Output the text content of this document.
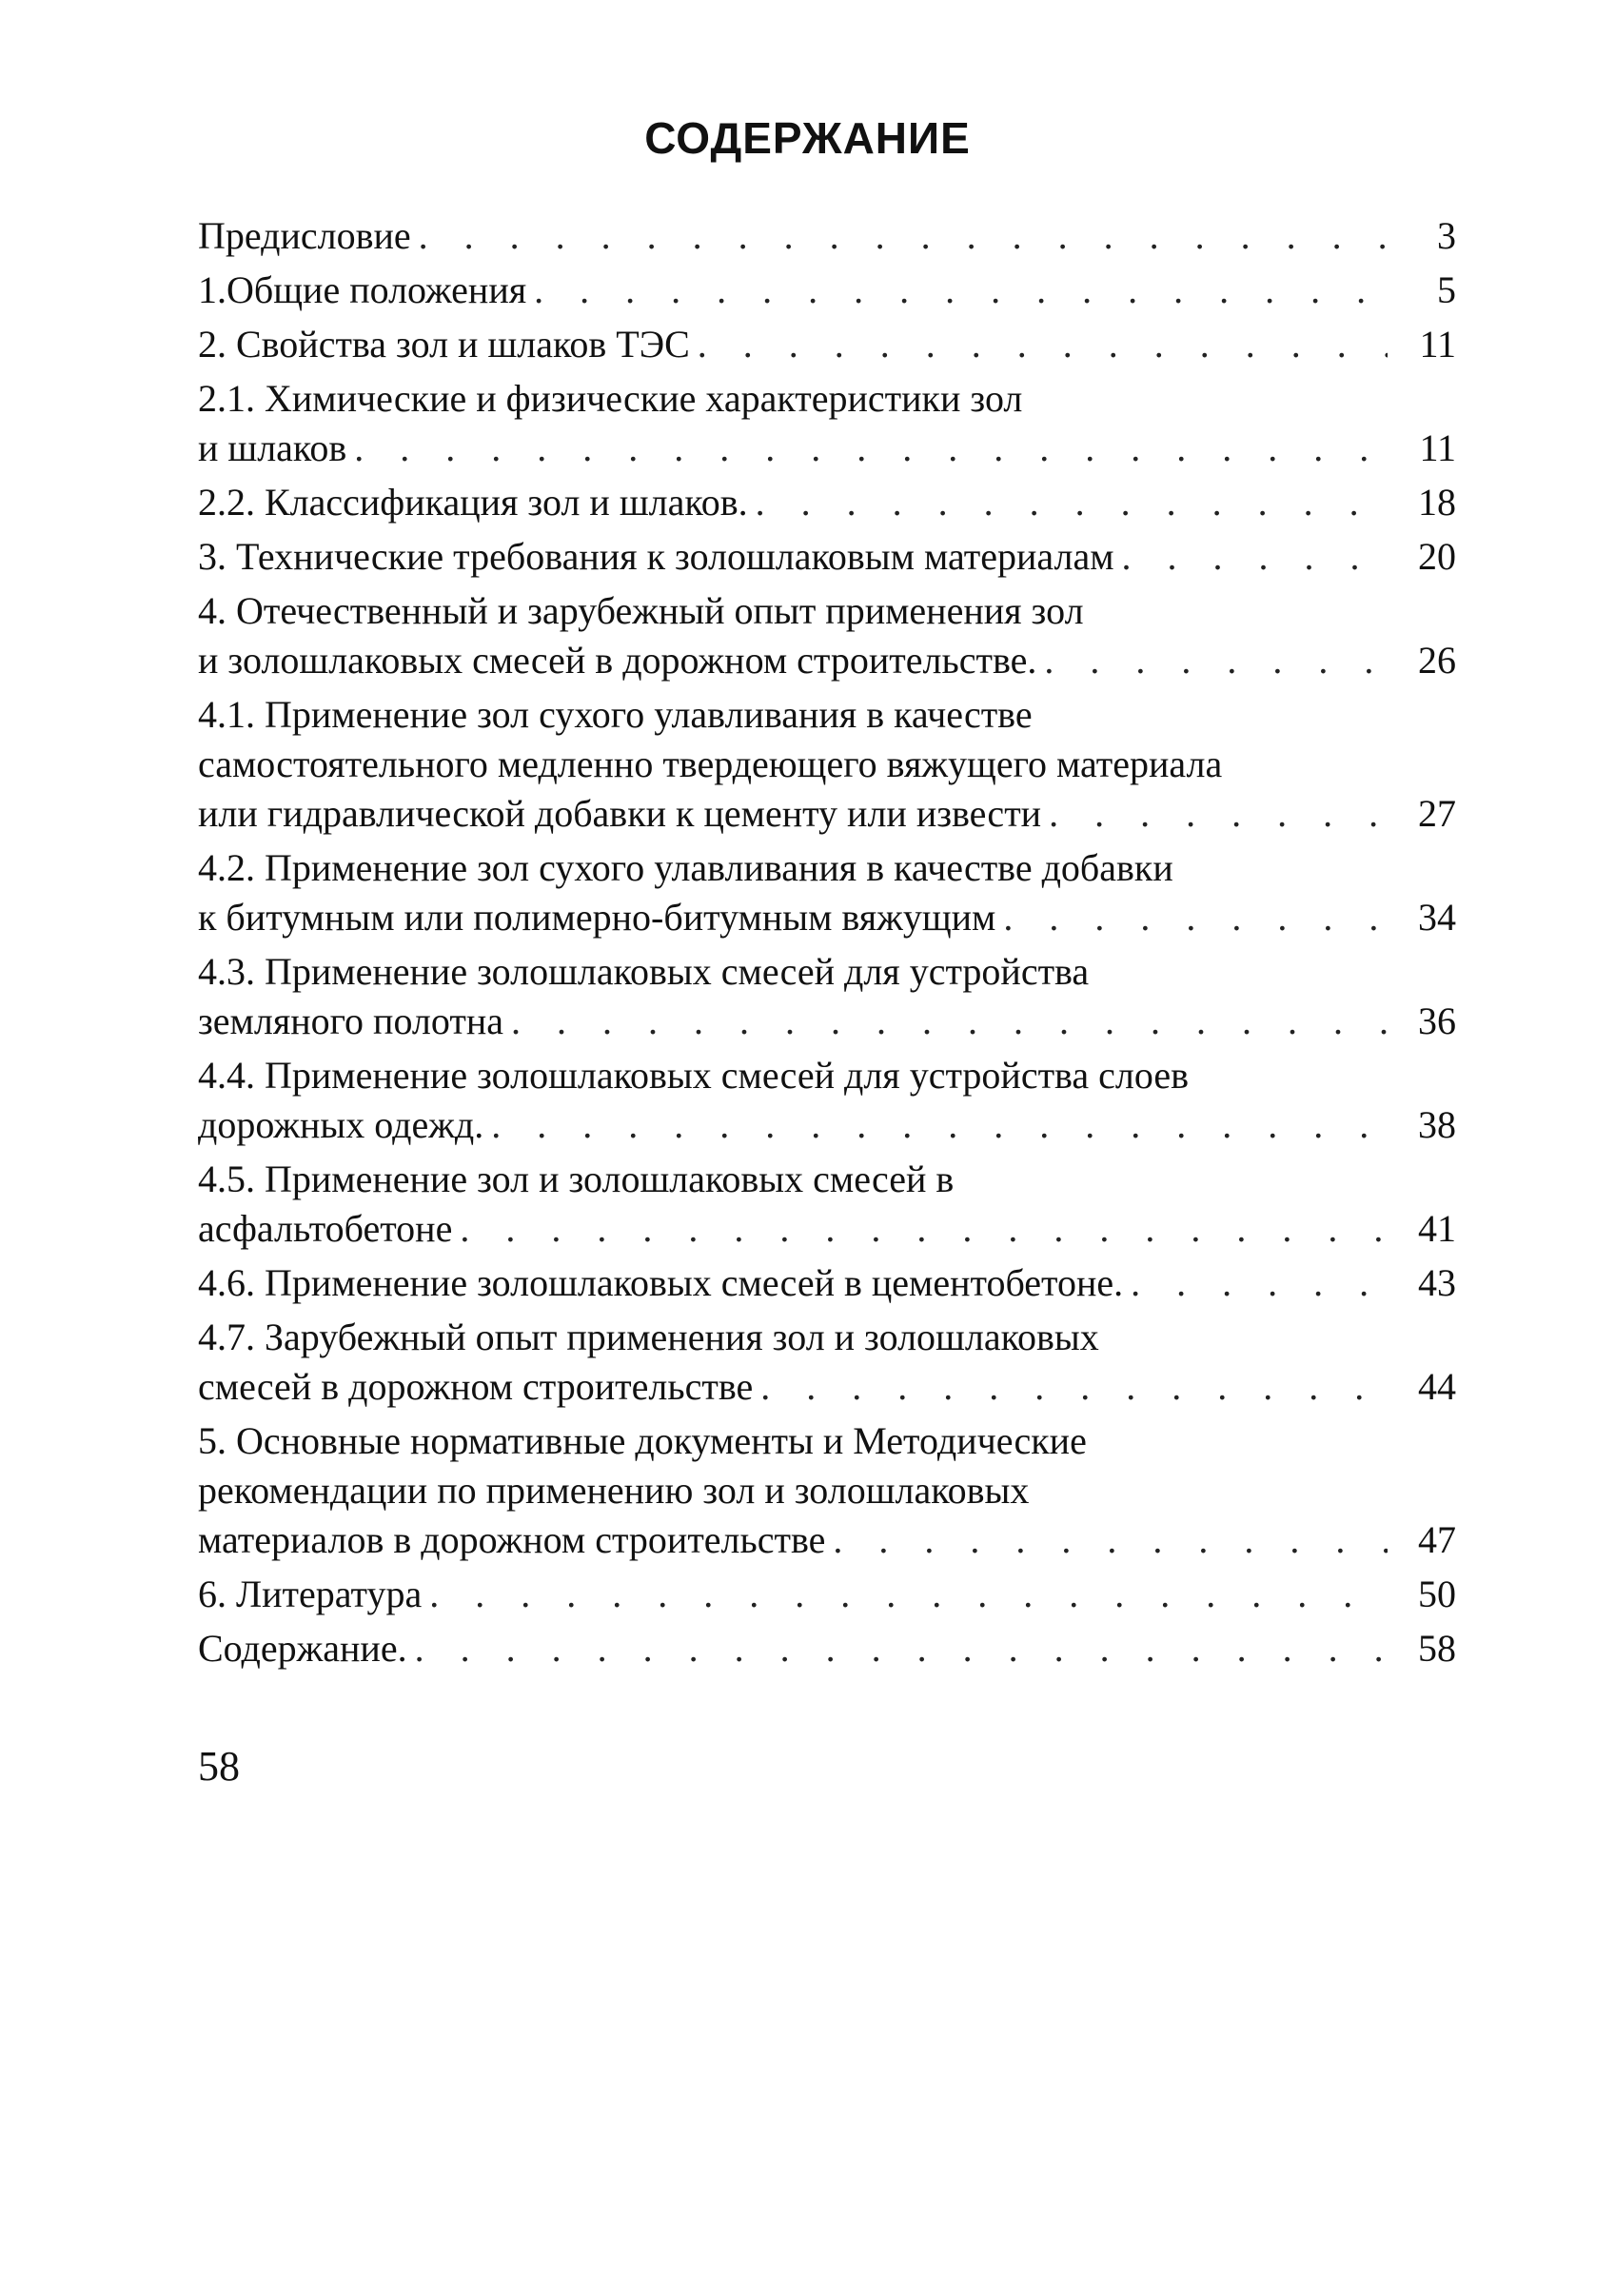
СОДЕРЖАНИЕ
Предисловие . . .	3
1.Общие положения . . .	5
2. Свойства зол и шлаков ТЭС . . .	11
2.1. Химические и физические характеристики зол
и шлаков . . .	11
2.2. Классификация зол и шлаков. . . .	18
3. Технические требования к золошлаковым материалам . . .	20
4. Отечественный и зарубежный опыт применения зол
и золошлаковых смесей в дорожном строительстве. . . .	26
4.1. Применение зол сухого улавливания в качестве
самостоятельного медленно твердеющего вяжущего материала
или гидравлической добавки к цементу или извести . . .	27
4.2. Применение зол сухого улавливания в качестве добавки
к битумным или полимерно-битумным вяжущим . . .	34
4.3. Применение золошлаковых смесей для устройства
земляного полотна . . .	36
4.4. Применение золошлаковых смесей для устройства слоев
дорожных одежд. . . .	38
4.5. Применение зол и золошлаковых смесей в
асфальтобетоне . . .	41
4.6. Применение золошлаковых смесей в цементобетоне. . . .	43
4.7. Зарубежный опыт применения зол и золошлаковых
смесей в дорожном строительстве . . .	44
5. Основные нормативные документы и Методические
рекомендации по применению зол и золошлаковых
материалов в дорожном строительстве . . .	47
6. Литература . . .	50
Содержание. . . .	58
58
